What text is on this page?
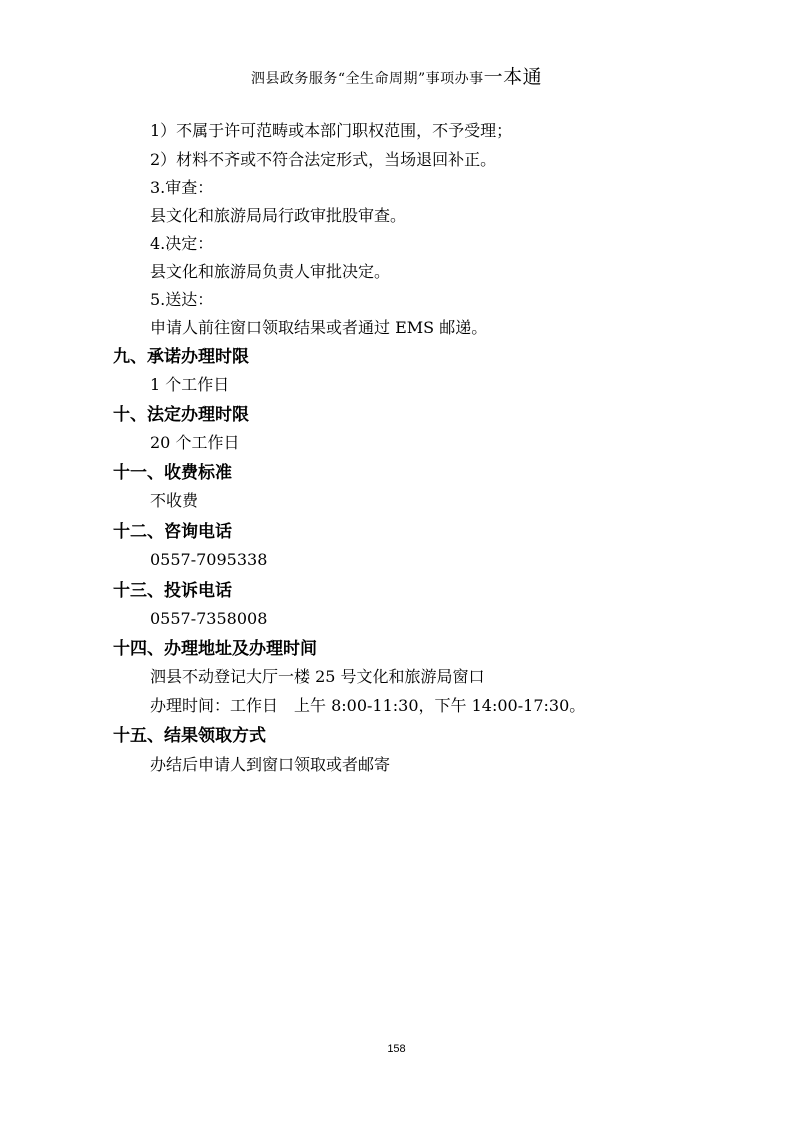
泗县政务服务“全生命周期”事项办事一本通
1）不属于许可范畴或本部门职权范围，不予受理；
2）材料不齐或不符合法定形式，当场退回补正。
3.审查：
县文化和旅游局局行政审批股审查。
4.决定：
县文化和旅游局负责人审批决定。
5.送达：
申请人前往窗口领取结果或者通过 EMS 邮递。
九、承诺办理时限
1 个工作日
十、法定办理时限
20 个工作日
十一、收费标准
不收费
十二、咨询电话
0557-7095338
十三、投诉电话
0557-7358008
十四、办理地址及办理时间
泗县不动登记大厅一楼 25 号文化和旅游局窗口
办理时间：工作日　上午 8:00-11:30，下午 14:00-17:30。
十五、结果领取方式
办结后申请人到窗口领取或者邮寄
158
